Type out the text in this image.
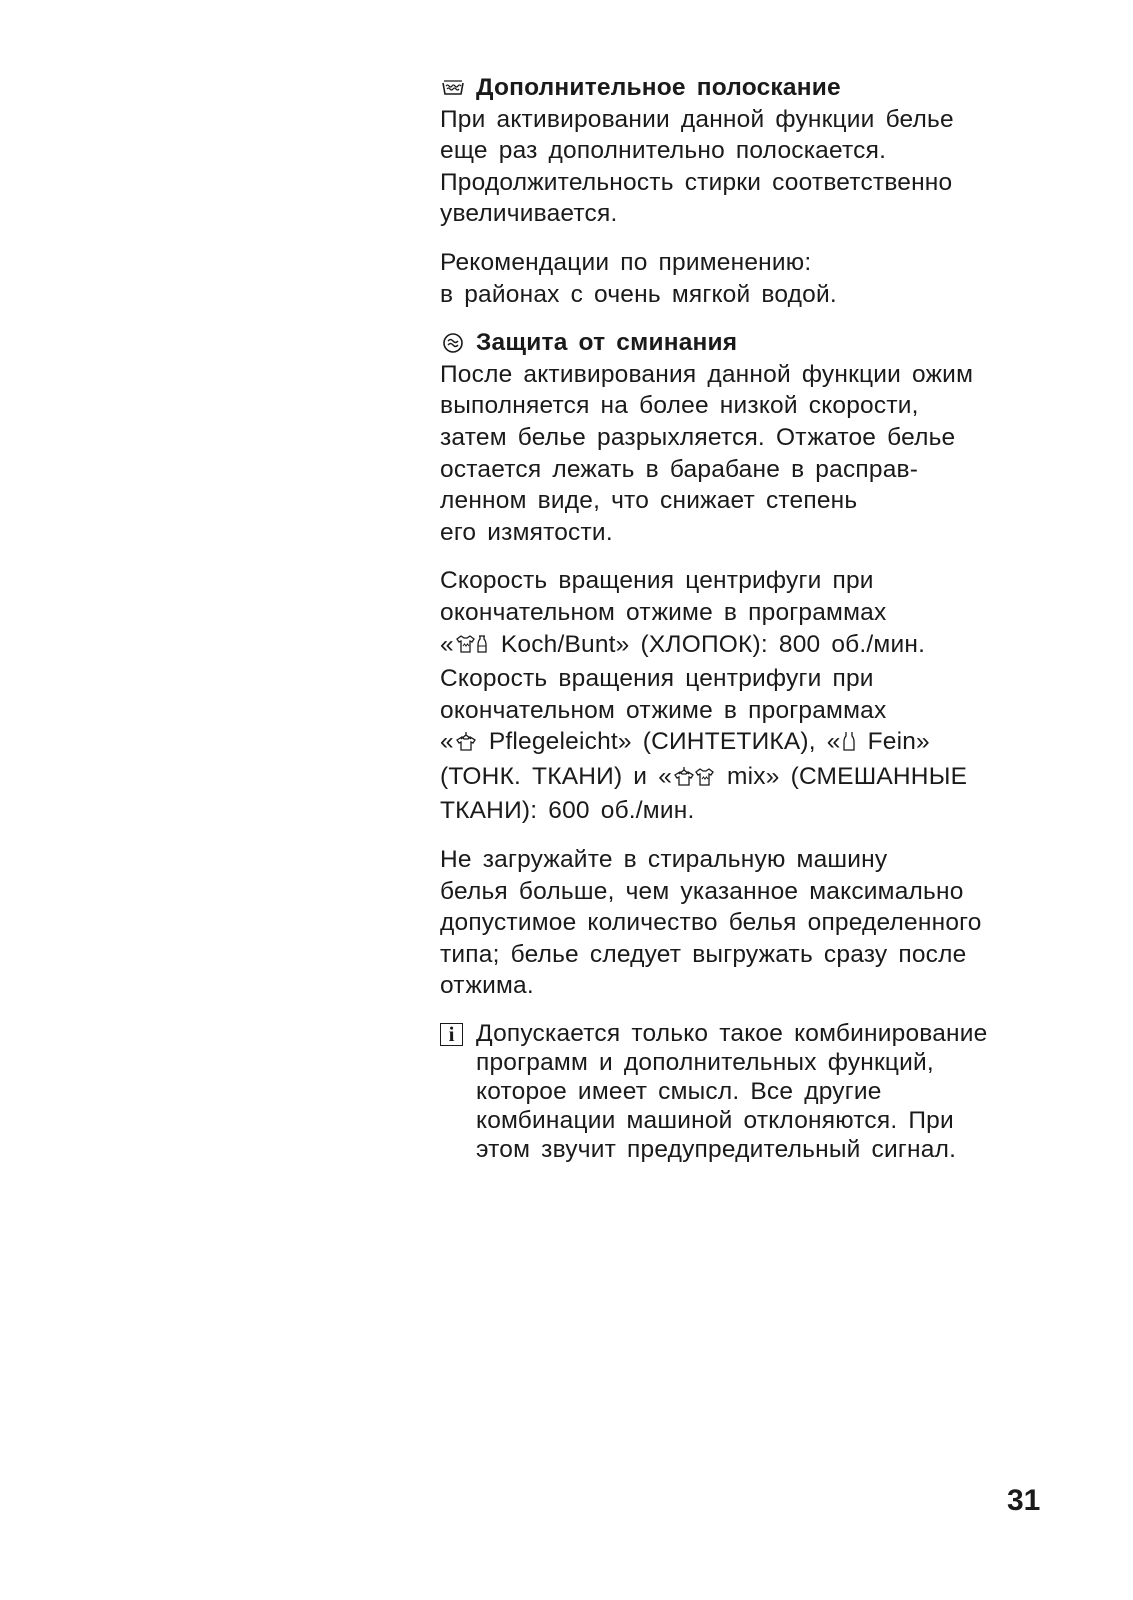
Дополнительное полоскание
При активировании данной функции белье
еще раз дополнительно полоскается.
Продолжительность стирки соответственно
увеличивается.
Рекомендации по применению:
в районах с очень мягкой водой.
Защита от сминания
После активирования данной функции ожим
выполняется на более низкой скорости,
затем белье разрыхляется. Отжатое белье
остается лежать в барабане в расправ-
ленном виде, что снижает степень
его измятости.
Скорость вращения центрифуги при
окончательном отжиме в программах
« Koch/Bunt» (ХЛОПОК): 800 об./мин.
Скорость вращения центрифуги при
окончательном отжиме в программах
« Pflegeleicht» (СИНТЕТИКА), « Fein»
(ТОНК. ТКАНИ) и « mix» (СМЕШАННЫЕ
ТКАНИ): 600 об./мин.
Не загружайте в стиральную машину
белья больше, чем указанное максимально
допустимое количество белья определенного
типа; белье следует выгружать сразу после
отжима.
i Допускается только такое комбинирование
программ и дополнительных функций,
которое имеет смысл. Все другие
комбинации машиной отклоняются. При
этом звучит предупредительный сигнал.
31
